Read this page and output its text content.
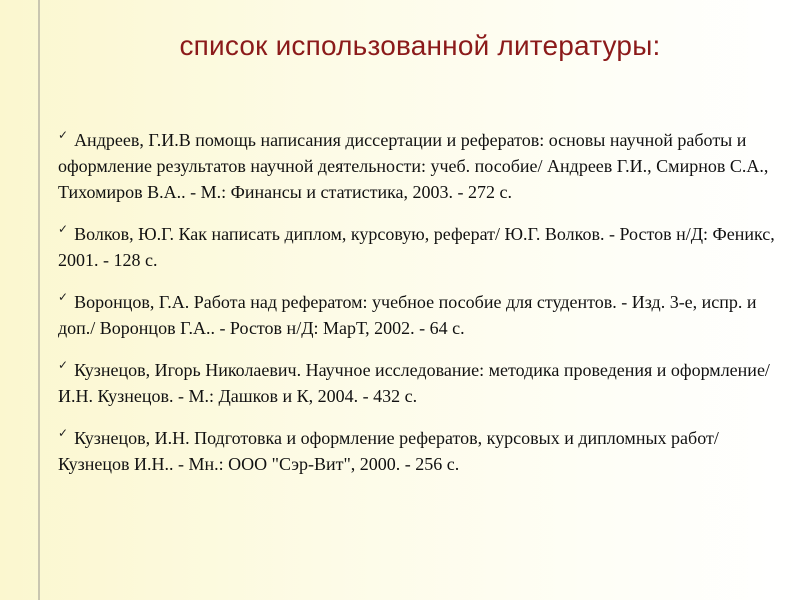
список использованной литературы:
✓ Андреев, Г.И.В помощь написания диссертации и рефератов: основы научной работы и оформление результатов научной деятельности: учеб. пособие/ Андреев Г.И., Смирнов С.А., Тихомиров В.А.. - М.: Финансы и статистика, 2003. - 272 с.
✓ Волков, Ю.Г. Как написать диплом, курсовую, реферат/ Ю.Г. Волков. - Ростов н/Д: Феникс, 2001. - 128 с.
✓ Воронцов, Г.А. Работа над рефератом: учебное пособие для студентов. - Изд. 3-е, испр. и доп./ Воронцов Г.А.. - Ростов н/Д: МарТ, 2002. - 64 с.
✓ Кузнецов, Игорь Николаевич. Научное исследование: методика проведения и оформление/ И.Н. Кузнецов. - М.: Дашков и К, 2004. - 432 с.
✓ Кузнецов, И.Н. Подготовка и оформление рефератов, курсовых и дипломных работ/ Кузнецов И.Н.. - Мн.: ООО "Сэр-Вит", 2000. - 256 с.
